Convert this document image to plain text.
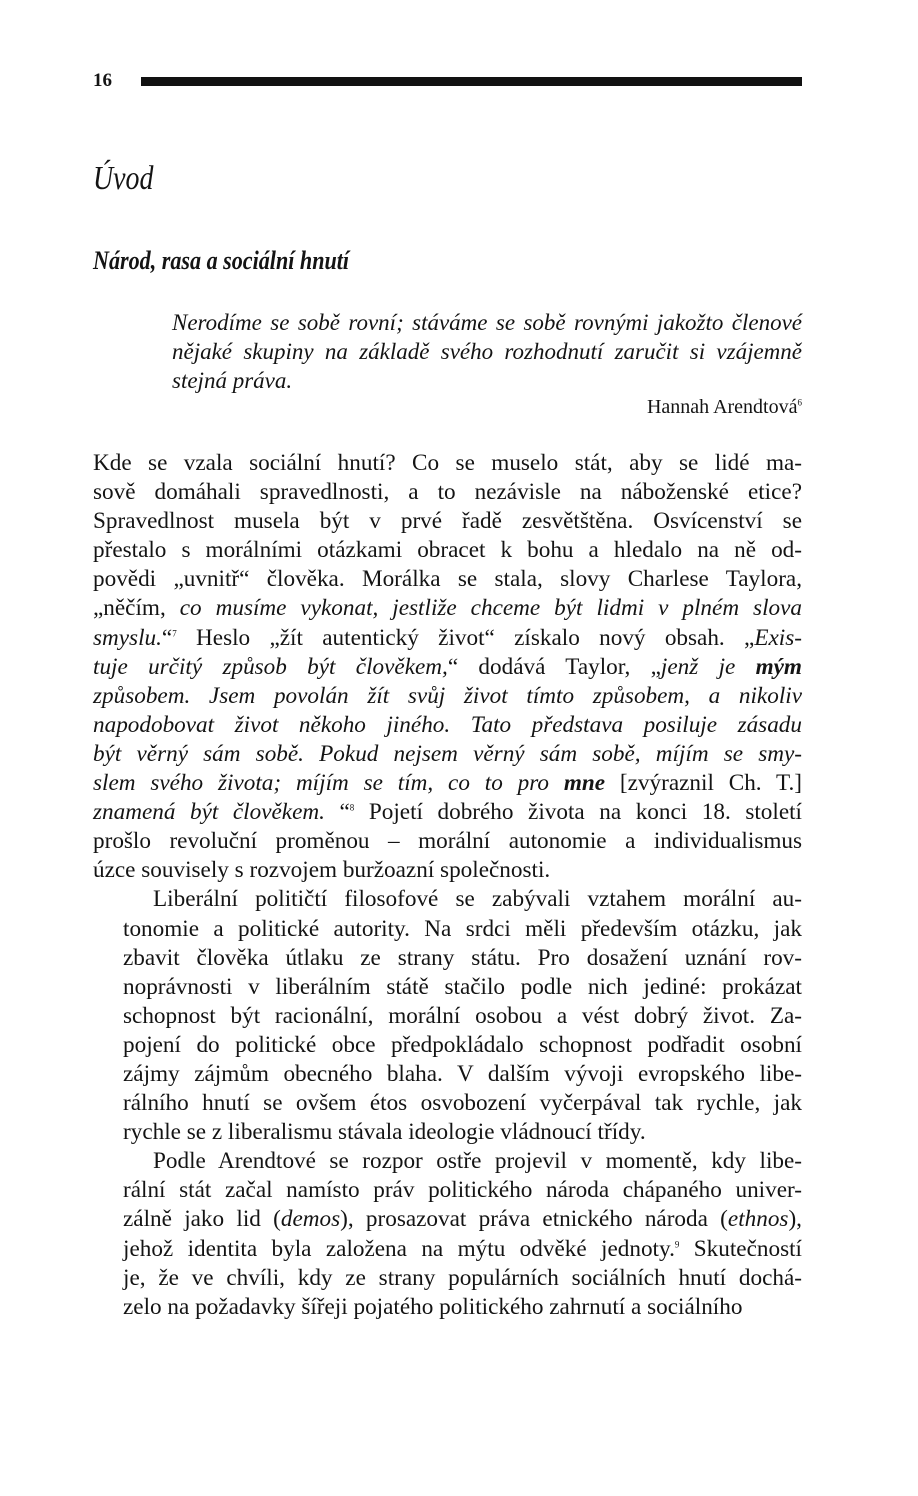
16
Úvod
Národ, rasa a sociální hnutí
Nerodíme se sobě rovní; stáváme se sobě rovnými jakožto členové nějaké skupiny na základě svého rozhodnutí zaručit si vzájemně stejná práva.
Hannah Arendtová$^6$

Kde se vzala sociální hnutí? Co se muselo stát, aby se lidé ma-
sově domáhali spravedlnosti, a to nezávisle na náboženské etice?
Spravedlnost musela být v prvé řadě zesvětštěna. Osvícenství se
přestalo s morálními otázkami obracet k bohu a hledalo na ně od-
povědi „uvnitř“ člověka. Morálka se stala, slovy Charlese Taylora,
„něčím, co musíme vykonat, jestliže chceme být lidmi v plném slova
smyslu.“$^7$ Heslo „žít autentický život“ získalo nový obsah. „Exis-
tuje určitý způsob být člověkem,“ dodává Taylor, „jenž je mým
způsobem. Jsem povolán žít svůj život tímto způsobem, a nikoliv
napodobovat život někoho jiného. Tato představa posiluje zásadu
být věrný sám sobě. Pokud nejsem věrný sám sobě, míjím se smy-
slem svého života; míjím se tím, co to pro mne [zvýraznil Ch. T.]
znamená být člověkem. “$^8$ Pojetí dobrého života na konci 18. století
prošlo revoluční proměnou – morální autonomie a individualismus
úzce souvisely s rozvojem buržoazní společnosti.

Liberální političtí filosofové se zabývali vztahem morální au-
tonomie a politické autority. Na srdci měli především otázku, jak
zbavit člověka útlaku ze strany státu. Pro dosažení uznání rov-
noprávnosti v liberálním státě stačilo podle nich jediné: prokázat
schopnost být racionální, morální osobou a vést dobrý život. Za-
pojení do politické obce předpokládalo schopnost podřadit osobní
zájmy zájmům obecného blaha. V dalším vývoji evropského libe-
rálního hnutí se ovšem étos osvobození vyčerpával tak rychle, jak
rychle se z liberalismu stávala ideologie vládnoucí třídy.

Podle Arendtové se rozpor ostře projevil v momentě, kdy libe-
rální stát začal namísto práv politického národa chápaného univer-
zálně jako lid (demos), prosazovat práva etnického národa (ethnos),
jehož identita byla založena na mýtu odvěké jednoty.$^9$ Skutečností
je, že ve chvíli, kdy ze strany populárních sociálních hnutí dochá-
zelo na požadavky šířeji pojatého politického zahrnutí a sociálního
